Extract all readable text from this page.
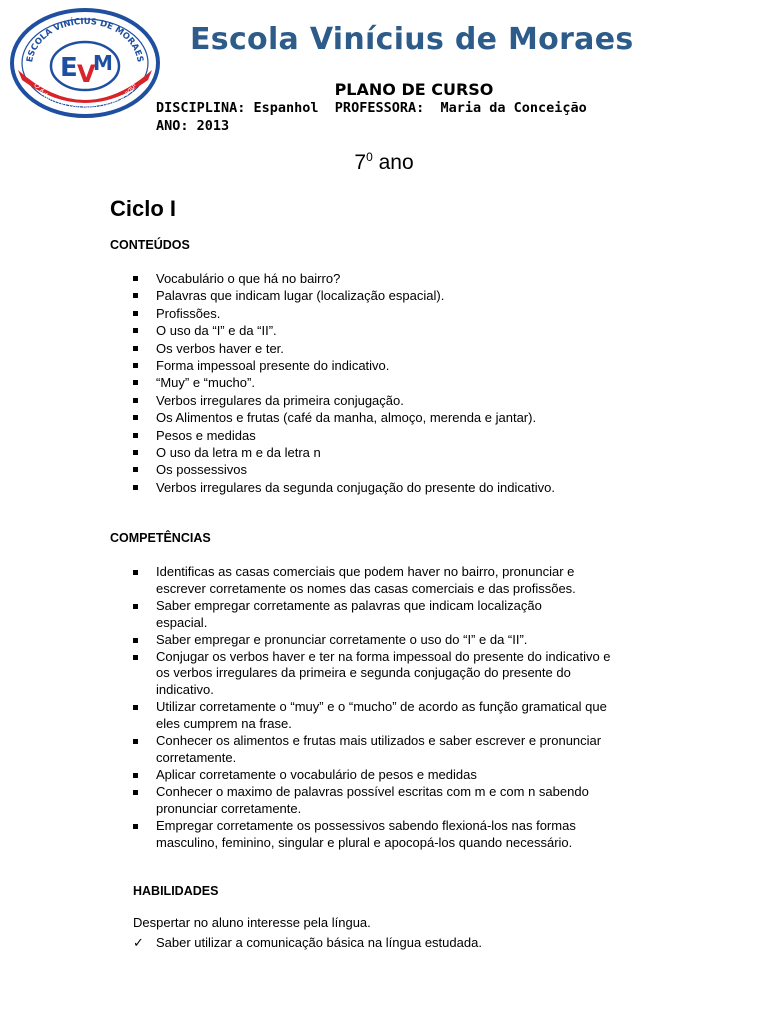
ESCOLA VINÍCIUS DE MORAES
E V
M
O futuro do seu filho começa aqui
Escola Vinícius de Moraes
PLANO DE CURSO
DISCIPLINA: Espanhol  PROFESSORA:  Maria da Conceição
ANO: 2013
$7^0$ ano
Ciclo I
CONTEÚDOS
Vocabulário o que há no bairro?
Palavras que indicam lugar (localização espacial).
Profissões.
O uso da “I” e da “II”.
Os verbos haver e ter.
Forma impessoal presente do indicativo.
“Muy” e “mucho”.
Verbos irregulares da primeira conjugação.
Os Alimentos e frutas (café da manha, almoço, merenda e jantar).
Pesos e medidas
O uso da letra m e da letra n
Os possessivos
Verbos irregulares da segunda conjugação do presente do indicativo.
COMPETÊNCIAS
Identificas as casas comerciais que podem haver no bairro, pronunciar e
escrever corretamente os nomes das casas comerciais e das profissões.
Saber empregar corretamente as palavras que indicam localização
espacial.
Saber empregar e pronunciar corretamente o uso do “I” e da “II”.
Conjugar os verbos haver e ter na forma impessoal do presente do indicativo e
os verbos irregulares da primeira e segunda conjugação do presente do
indicativo.
Utilizar corretamente o “muy” e o “mucho” de acordo as função gramatical que
eles cumprem na frase.
Conhecer os alimentos e frutas mais utilizados e saber escrever e pronunciar
corretamente.
Aplicar corretamente o vocabulário de pesos e medidas
Conhecer o maximo de palavras possível escritas com m e com n sabendo
pronunciar corretamente.
Empregar corretamente os possessivos sabendo flexioná-los nas formas
masculino, feminino, singular e plural e apocopá-los quando necessário.
HABILIDADES
Despertar no aluno interesse pela língua.
✓ Saber utilizar a comunicação básica na língua estudada.
